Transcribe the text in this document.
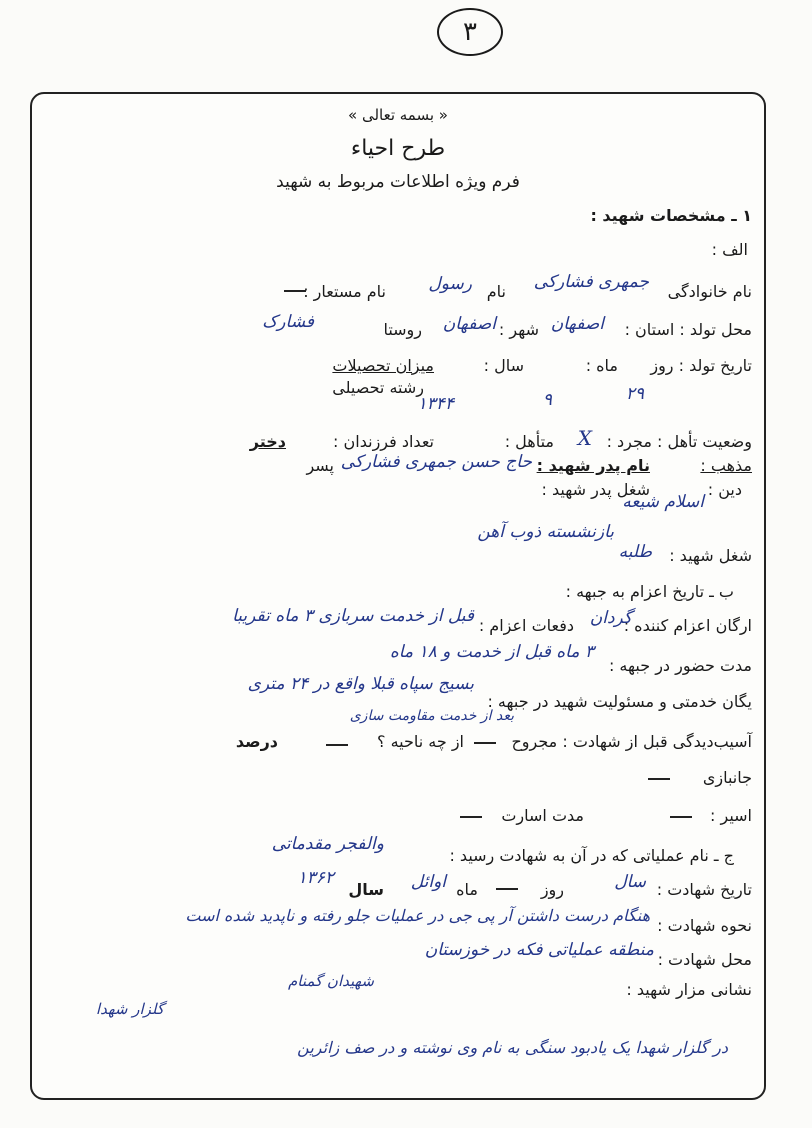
۳
« بسمه تعالی »
طرح احیاء
فرم ویژه اطلاعات مربوط به شهید
۱ ـ مشخصات شهید :
الف :
نام خانوادگی
جمهری فشارکی
نام
رسول
نام مستعار :
محل تولد : استان :
اصفهان
شهر :
اصفهان
روستا
فشارک
تاریخ تولد : روز
ماه :
سال :
میزان تحصیلات
رشته تحصیلی	۲۹
۹
۱۳۴۴
وضعیت تأهل : مجرد :
X
متأهل :
تعداد فرزندان :
دختر
مذهب :
نام پدر شهید :
حاج حسن جمهری فشارکی
پسر
دین :
اسلام شیعه
شغل پدر شهید :
بازنشسته ذوب آهن
شغل شهید :
طلبه
ب ـ تاریخ اعزام به جبهه :
ارگان اعزام کننده :
گردان
دفعات اعزام :
قبل از خدمت سربازی ۳ ماه تقریبا
مدت حضور در جبهه :
۳ ماه قبل از خدمت و ۱۸ ماه
یگان خدمتی و مسئولیت شهید در جبهه :
بسیج سپاه قبلا واقع در ۲۴ متری
بعد از خدمت مقاومت سازی
آسیب‌دیدگی قبل از شهادت : مجروح
از چه ناحیه ؟
درصد
جانبازی
اسیر :
مدت اسارت
ج ـ نام عملیاتی که در آن به شهادت رسید :
والفجر مقدماتی
تاریخ شهادت :
سال
روز
ماه
اوائل
سال
۱۳۶۲
نحوه شهادت :
هنگام درست داشتن آر پی جی در عملیات جلو رفته و ناپدید شده است
محل شهادت :
منطقه عملیاتی فکه در خوزستان
نشانی مزار شهید :
شهیدان گمنام
گلزار شهدا
در گلزار شهدا یک یادبود سنگی به نام وی نوشته و در صف زائرین
